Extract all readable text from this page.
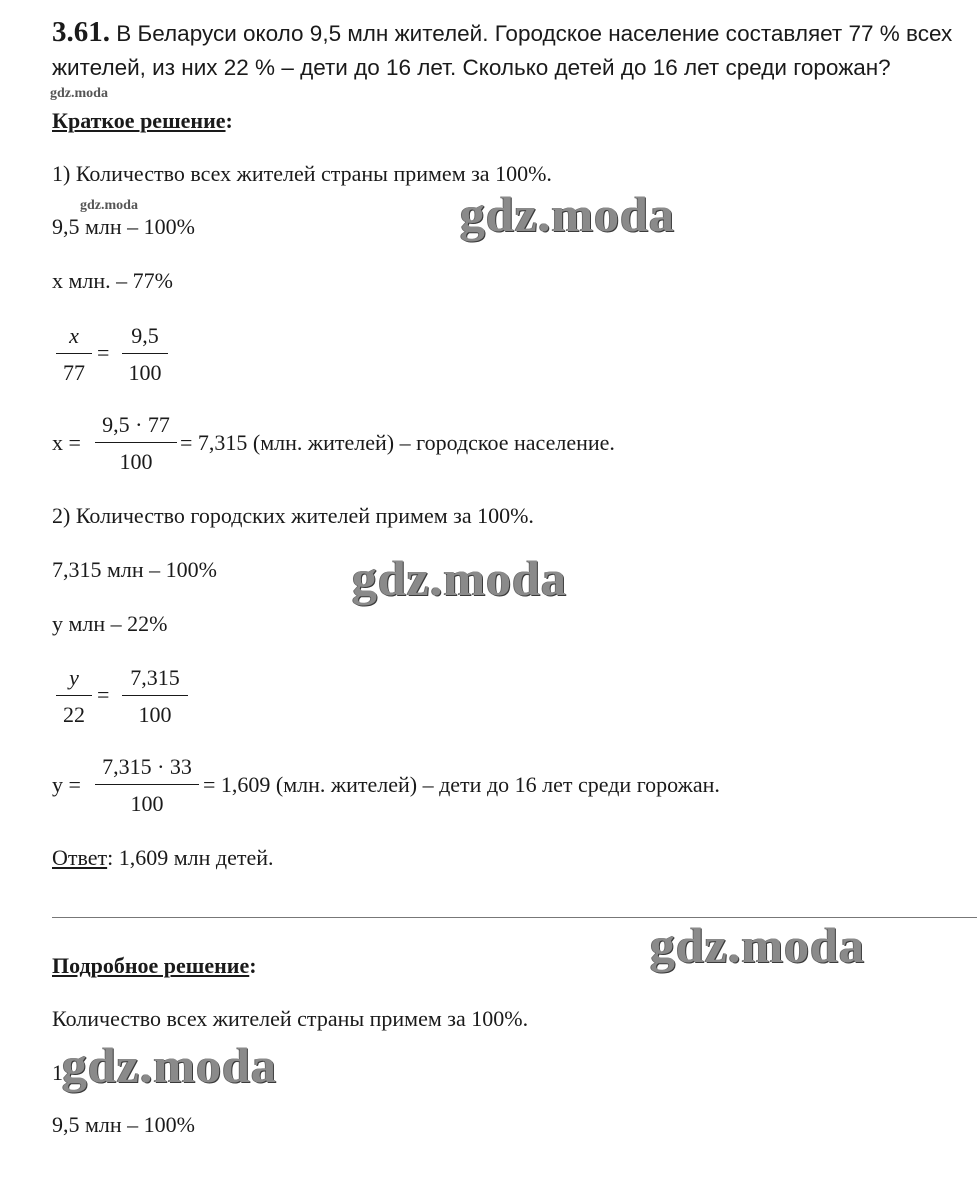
3.61. В Беларуси около 9,5 млн жителей. Городское население составляет 77 % всех
жителей, из них 22 % – дети до 16 лет. Сколько детей до 16 лет среди горожан?
gdz.moda
Краткое решение:
1) Количество всех жителей страны примем за 100%.
gdz.moda	gdz.moda
9,5 млн – 100%
х млн. – 77%
x
77
=
9,5
100
x =
9,5 · 77
100
= 7,315 (млн. жителей) – городское население.
2) Количество городских жителей примем за 100%.
7,315 млн – 100%	gdz.moda
у млн – 22%
y
22
=
7,315
100
у =
7,315 · 33
100
= 1,609 (млн. жителей) – дети до 16 лет среди горожан.
Ответ: 1,609 млн детей.
gdz.moda
Подробное решение:
Количество всех жителей страны примем за 100%.
1 gdz.moda
9,5 млн – 100%
